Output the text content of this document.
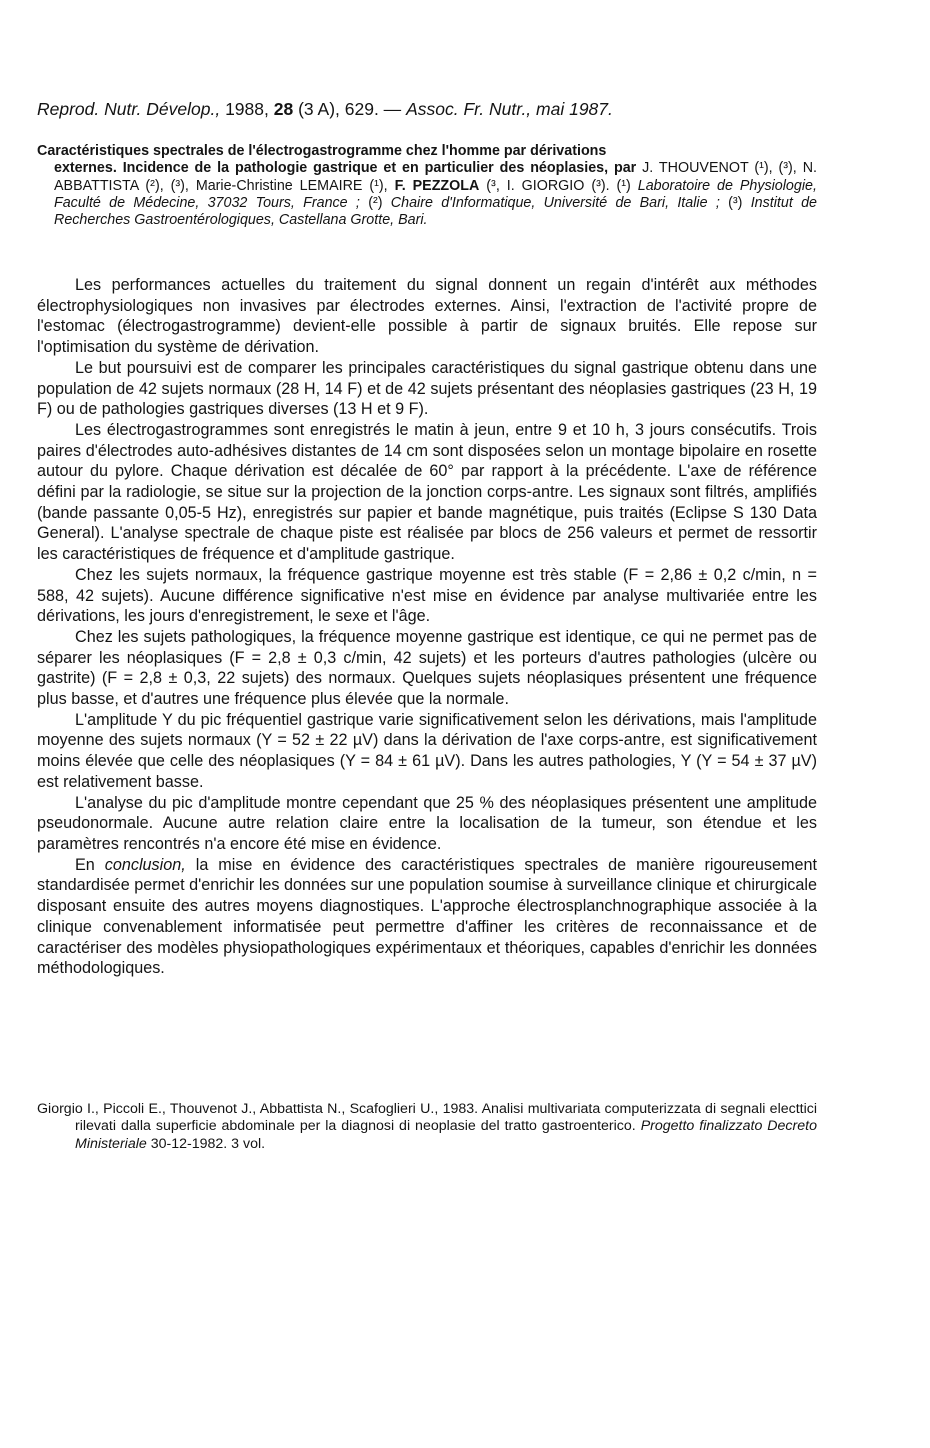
Reprod. Nutr. Dévelop., 1988, 28 (3 A), 629. — Assoc. Fr. Nutr., mai 1987.
Caractéristiques spectrales de l'électrogastrogramme chez l'homme par dérivations
externes. Incidence de la pathologie gastrique et en particulier des néoplasies, par J. THOUVENOT (¹), (³), N. ABBATTISTA (²), (³), Marie-Christine LEMAIRE (¹), F. PEZZOLA (³, I. GIORGIO (³). (¹) Laboratoire de Physiologie, Faculté de Médecine, 37032 Tours, France ; (²) Chaire d'Informatique, Université de Bari, Italie ; (³) Institut de Recherches Gastroentérologiques, Castellana Grotte, Bari.

Les performances actuelles du traitement du signal donnent un regain d'intérêt aux méthodes électrophysiologiques non invasives par électrodes externes. Ainsi, l'extraction de l'activité propre de l'estomac (électrogastrogramme) devient-elle possible à partir de signaux bruités. Elle repose sur l'optimisation du système de dérivation.

Le but poursuivi est de comparer les principales caractéristiques du signal gastrique obtenu dans une population de 42 sujets normaux (28 H, 14 F) et de 42 sujets présentant des néoplasies gastriques (23 H, 19 F) ou de pathologies gastriques diverses (13 H et 9 F).

Les électrogastrogrammes sont enregistrés le matin à jeun, entre 9 et 10 h, 3 jours consécutifs. Trois paires d'électrodes auto-adhésives distantes de 14 cm sont disposées selon un montage bipolaire en rosette autour du pylore. Chaque dérivation est décalée de 60° par rapport à la précédente. L'axe de référence défini par la radiologie, se situe sur la projection de la jonction corps-antre. Les signaux sont filtrés, amplifiés (bande passante 0,05-5 Hz), enregistrés sur papier et bande magnétique, puis traités (Eclipse S 130 Data General). L'analyse spectrale de chaque piste est réalisée par blocs de 256 valeurs et permet de ressortir les caractéristiques de fréquence et d'amplitude gastrique.

Chez les sujets normaux, la fréquence gastrique moyenne est très stable (F = 2,86 ± 0,2 c/min, n = 588, 42 sujets). Aucune différence significative n'est mise en évidence par analyse multivariée entre les dérivations, les jours d'enregistrement, le sexe et l'âge.

Chez les sujets pathologiques, la fréquence moyenne gastrique est identique, ce qui ne permet pas de séparer les néoplasiques (F = 2,8 ± 0,3 c/min, 42 sujets) et les porteurs d'autres pathologies (ulcère ou gastrite) (F = 2,8 ± 0,3, 22 sujets) des normaux. Quelques sujets néoplasiques présentent une fréquence plus basse, et d'autres une fréquence plus élevée que la normale.

L'amplitude Y du pic fréquentiel gastrique varie significativement selon les dérivations, mais l'amplitude moyenne des sujets normaux (Y = 52 ± 22 µV) dans la dérivation de l'axe corps-antre, est significativement moins élevée que celle des néoplasiques (Y = 84 ± 61 µV). Dans les autres pathologies, Y (Y = 54 ± 37 µV) est relativement basse.

L'analyse du pic d'amplitude montre cependant que 25 % des néoplasiques présentent une amplitude pseudonormale. Aucune autre relation claire entre la localisation de la tumeur, son étendue et les paramètres rencontrés n'a encore été mise en évidence.

En conclusion, la mise en évidence des caractéristiques spectrales de manière rigoureusement standardisée permet d'enrichir les données sur une population soumise à surveillance clinique et chirurgicale disposant ensuite des autres moyens diagnostiques. L'approche électrosplanchnographique associée à la clinique convenablement informatisée peut permettre d'affiner les critères de reconnaissance et de caractériser des modèles physiopathologiques expérimentaux et théoriques, capables d'enrichir les données méthodologiques.

Giorgio I., Piccoli E., Thouvenot J., Abbattista N., Scafoglieri U., 1983. Analisi multivariata computerizzata di segnali electtici rilevati dalla superficie abdominale per la diagnosi di neoplasie del tratto gastroenterico. Progetto finalizzato Decreto Ministeriale 30-12-1982. 3 vol.
